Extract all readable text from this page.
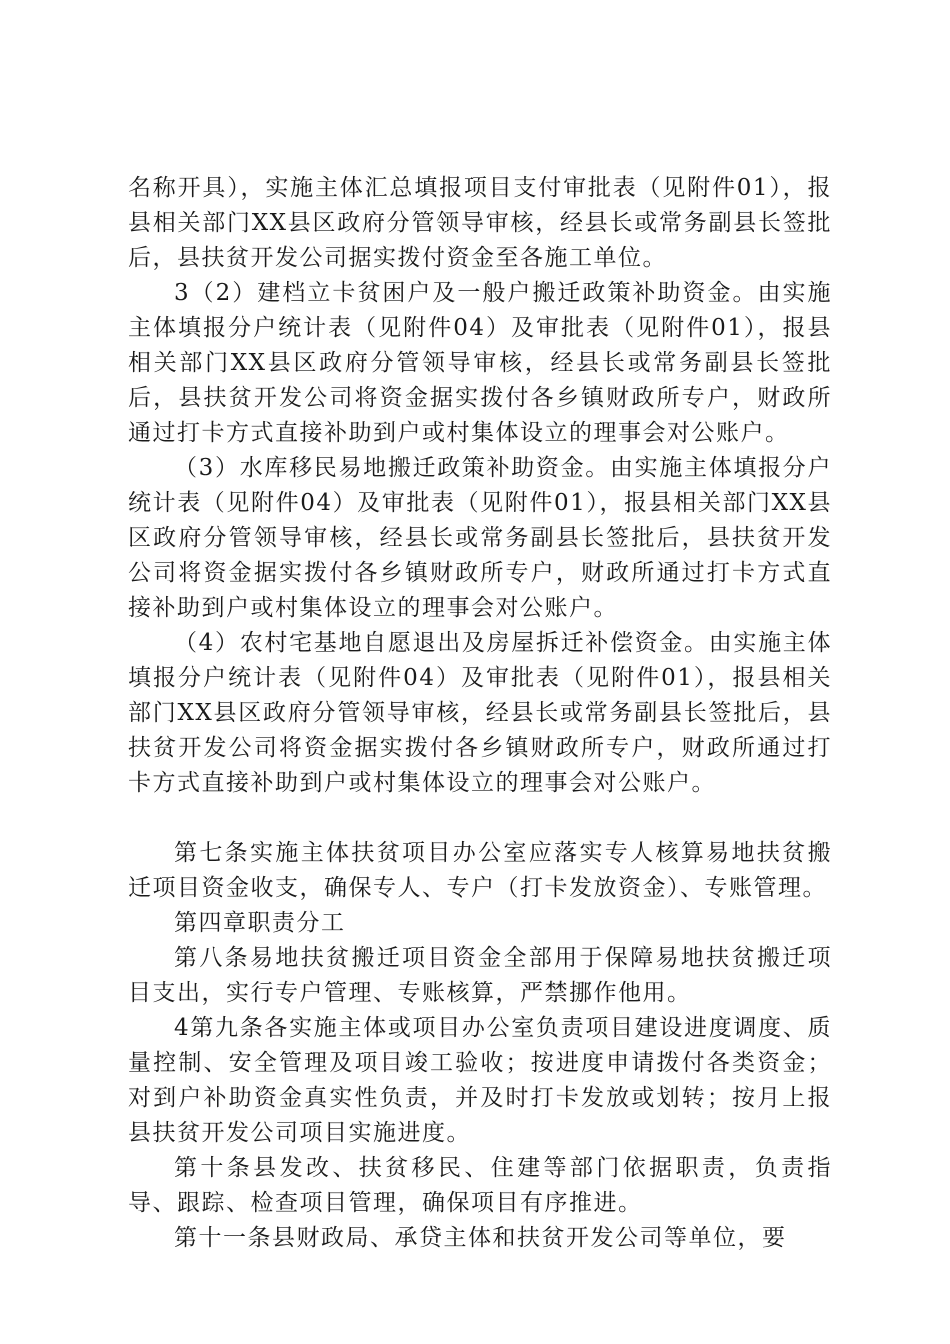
名称开具），实施主体汇总填报项目支付审批表（见附件01），报县相关部门XX县区政府分管领导审核，经县长或常务副县长签批后，县扶贫开发公司据实拨付资金至各施工单位。

3（2）建档立卡贫困户及一般户搬迁政策补助资金。由实施主体填报分户统计表（见附件04）及审批表（见附件01），报县相关部门XX县区政府分管领导审核，经县长或常务副县长签批后，县扶贫开发公司将资金据实拨付各乡镇财政所专户，财政所通过打卡方式直接补助到户或村集体设立的理事会对公账户。

（3）水库移民易地搬迁政策补助资金。由实施主体填报分户统计表（见附件04）及审批表（见附件01），报县相关部门XX县区政府分管领导审核，经县长或常务副县长签批后，县扶贫开发公司将资金据实拨付各乡镇财政所专户，财政所通过打卡方式直接补助到户或村集体设立的理事会对公账户。

（4）农村宅基地自愿退出及房屋拆迁补偿资金。由实施主体填报分户统计表（见附件04）及审批表（见附件01），报县相关部门XX县区政府分管领导审核，经县长或常务副县长签批后，县扶贫开发公司将资金据实拨付各乡镇财政所专户，财政所通过打卡方式直接补助到户或村集体设立的理事会对公账户。

第七条实施主体扶贫项目办公室应落实专人核算易地扶贫搬迁项目资金收支，确保专人、专户（打卡发放资金）、专账管理。

第四章职责分工

第八条易地扶贫搬迁项目资金全部用于保障易地扶贫搬迁项目支出，实行专户管理、专账核算，严禁挪作他用。

4第九条各实施主体或项目办公室负责项目建设进度调度、质量控制、安全管理及项目竣工验收；按进度申请拨付各类资金；对到户补助资金真实性负责，并及时打卡发放或划转；按月上报县扶贫开发公司项目实施进度。

第十条县发改、扶贫移民、住建等部门依据职责，负责指导、跟踪、检查项目管理，确保项目有序推进。

第十一条县财政局、承贷主体和扶贫开发公司等单位，要
